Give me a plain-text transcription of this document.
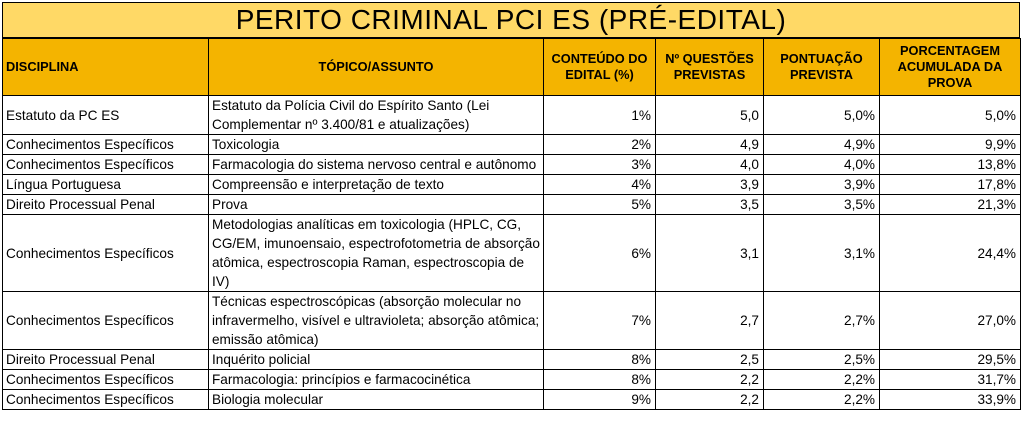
PERITO CRIMINAL PCI ES (PRÉ-EDITAL)
DISCIPLINA	TÓPICO/ASSUNTO	CONTEÚDO DO EDITAL (%)	Nº QUESTÕES PREVISTAS	PONTUAÇÃO PREVISTA	PORCENTAGEM ACUMULADA DA PROVA
Estatuto da PC ES	Estatuto da Polícia Civil do Espírito Santo (Lei Complementar nº 3.400/81 e atualizações)	1%	5,0	5,0%	5,0%
Conhecimentos Específicos	Toxicologia	2%	4,9	4,9%	9,9%
Conhecimentos Específicos	Farmacologia do sistema nervoso central e autônomo	3%	4,0	4,0%	13,8%
Língua Portuguesa	Compreensão e interpretação de texto	4%	3,9	3,9%	17,8%
Direito Processual Penal	Prova	5%	3,5	3,5%	21,3%
Conhecimentos Específicos	Metodologias analíticas em toxicologia (HPLC, CG, CG/EM, imunoensaio, espectrofotometria de absorção atômica, espectroscopia Raman, espectroscopia de IV)	6%	3,1	3,1%	24,4%
Conhecimentos Específicos	Técnicas espectroscópicas (absorção molecular no infravermelho, visível e ultravioleta; absorção atômica; emissão atômica)	7%	2,7	2,7%	27,0%
Direito Processual Penal	Inquérito policial	8%	2,5	2,5%	29,5%
Conhecimentos Específicos	Farmacologia: princípios e farmacocinética	8%	2,2	2,2%	31,7%
Conhecimentos Específicos	Biologia molecular	9%	2,2	2,2%	33,9%
